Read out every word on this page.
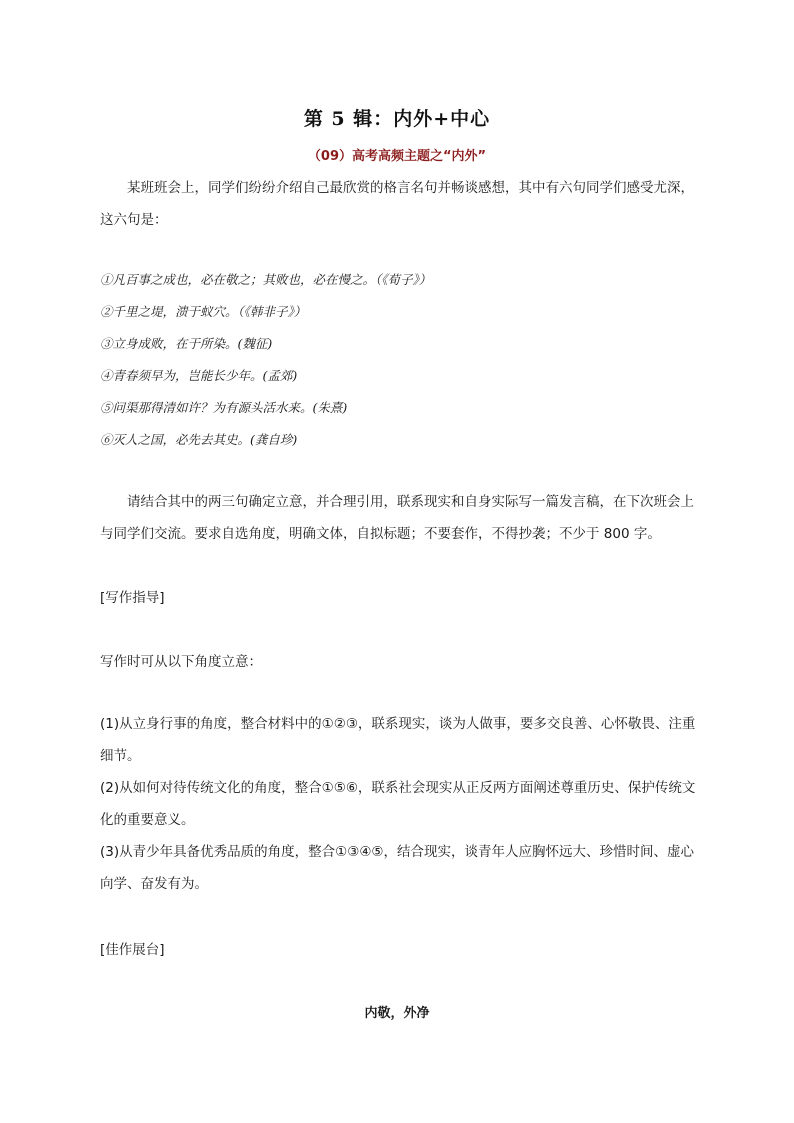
第 5 辑：内外+中心
（09）高考高频主题之“内外”

某班班会上，同学们纷纷介绍自己最欣赏的格言名句并畅谈感想，其中有六句同学们感受尤深，这六句是：

①凡百事之成也，必在敬之；其败也，必在慢之。（《荀子》）
②千里之堤，溃于蚁穴。（《韩非子》）
③立身成败，在于所染。(魏征)
④青春须早为，岂能长少年。(孟郊)
⑤问渠那得清如许？为有源头活水来。(朱熹)
⑥灭人之国，必先去其史。(龚自珍)

请结合其中的两三句确定立意，并合理引用，联系现实和自身实际写一篇发言稿，在下次班会上与同学们交流。要求自选角度，明确文体，自拟标题；不要套作，不得抄袭；不少于 800 字。

[写作指导]

写作时可从以下角度立意：

(1)从立身行事的角度，整合材料中的①②③，联系现实，谈为人做事，要多交良善、心怀敬畏、注重细节。

(2)从如何对待传统文化的角度，整合①⑤⑥，联系社会现实从正反两方面阐述尊重历史、保护传统文化的重要意义。

(3)从青少年具备优秀品质的角度，整合①③④⑤，结合现实，谈青年人应胸怀远大、珍惜时间、虚心向学、奋发有为。

[佳作展台]

内敬，外净
